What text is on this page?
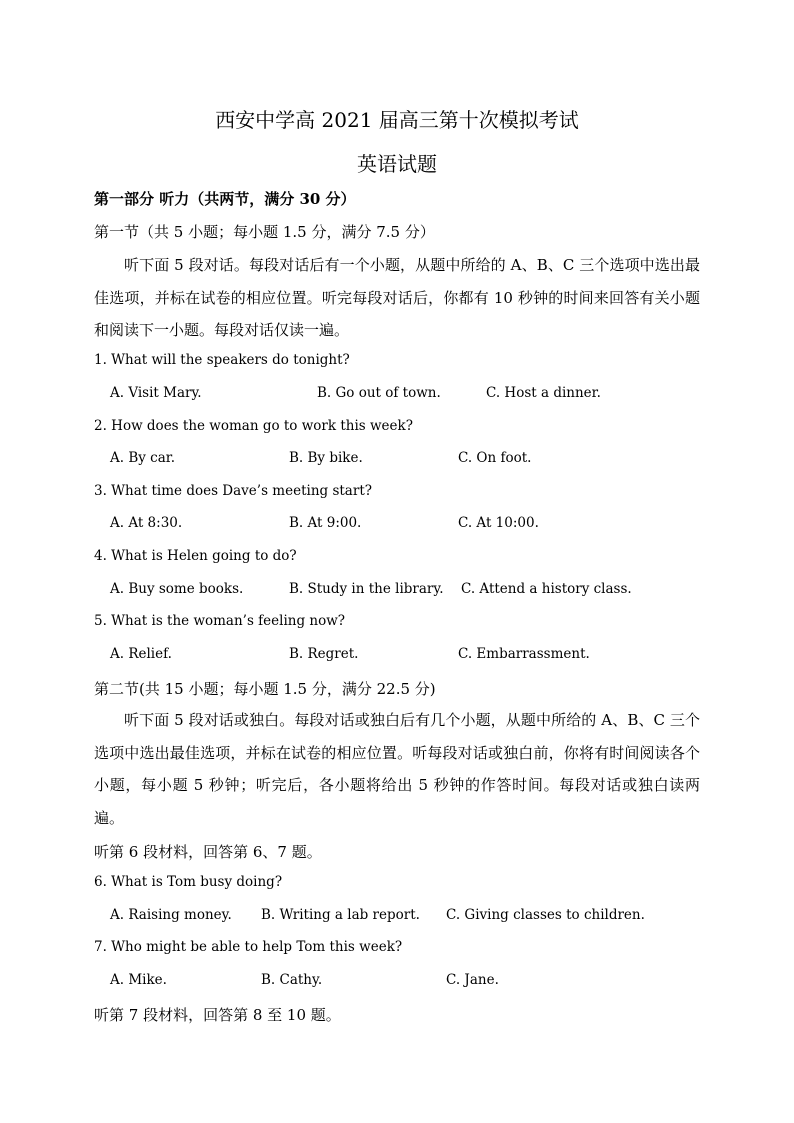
西安中学高 2021 届高三第十次模拟考试
英语试题
第一部分 听力（共两节，满分 30 分）
第一节（共 5 小题；每小题 1.5 分，满分 7.5 分）
听下面 5 段对话。每段对话后有一个小题，从题中所给的 A、B、C 三个选项中选出最佳选项，并标在试卷的相应位置。听完每段对话后，你都有 10 秒钟的时间来回答有关小题和阅读下一小题。每段对话仅读一遍。
1. What will the speakers do tonight?
A. Visit Mary.	B. Go out of town.	C. Host a dinner.
2. How does the woman go to work this week?
A. By car.	B. By bike.	C. On foot.
3. What time does Dave’s meeting start?
A. At 8:30.	B. At 9:00.	C. At 10:00.
4. What is Helen going to do?
A. Buy some books.	B. Study in the library. C. Attend a history class.
5. What is the woman’s feeling now?
A. Relief.	B. Regret.	C. Embarrassment.
第二节(共 15 小题；每小题 1.5 分，满分 22.5 分)
听下面 5 段对话或独白。每段对话或独白后有几个小题，从题中所给的 A、B、C 三个选项中选出最佳选项，并标在试卷的相应位置。听每段对话或独白前，你将有时间阅读各个小题，每小题 5 秒钟；听完后，各小题将给出 5 秒钟的作答时间。每段对话或独白读两遍。
听第 6 段材料，回答第 6、7 题。
6. What is Tom busy doing?
A. Raising money. B. Writing a lab report. C. Giving classes to children.
7. Who might be able to help Tom this week?
A. Mike.	B. Cathy.	C. Jane.
听第 7 段材料，回答第 8 至 10 题。
